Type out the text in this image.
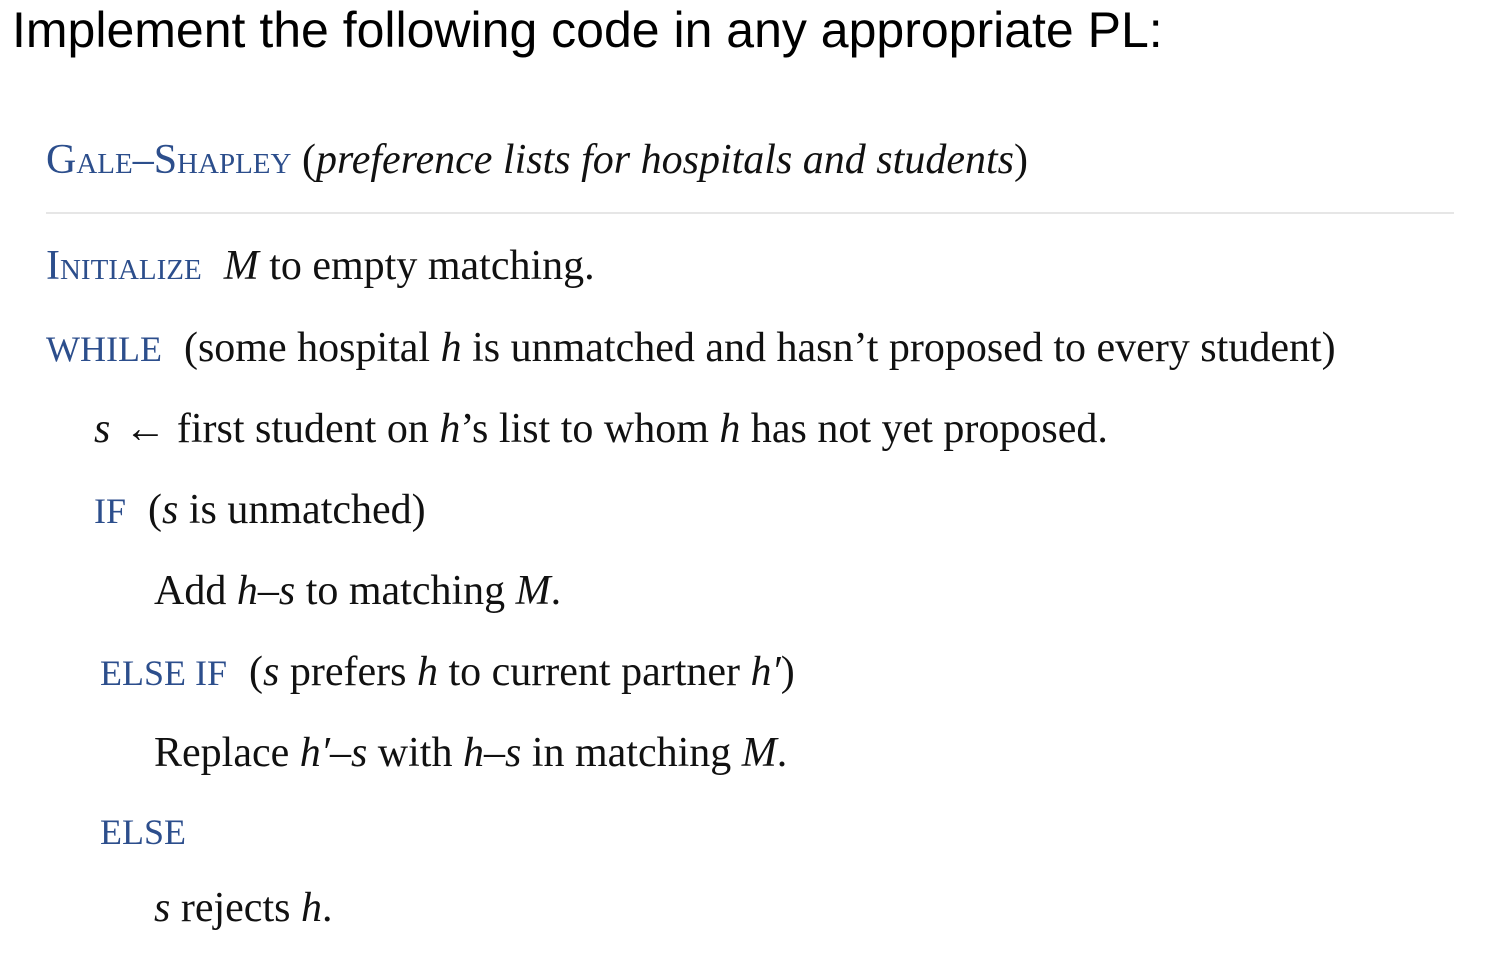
Implement the following code in any appropriate PL:
Gale–Shapley (preference lists for hospitals and students)
Initialize M to empty matching.
WHILE (some hospital h is unmatched and hasn’t proposed to every student)
s ← first student on h’s list to whom h has not yet proposed.
IF (s is unmatched)
Add h–s to matching M.
ELSE IF (s prefers h to current partner h′)
Replace h′–s with h–s in matching M.
ELSE
s rejects h.
